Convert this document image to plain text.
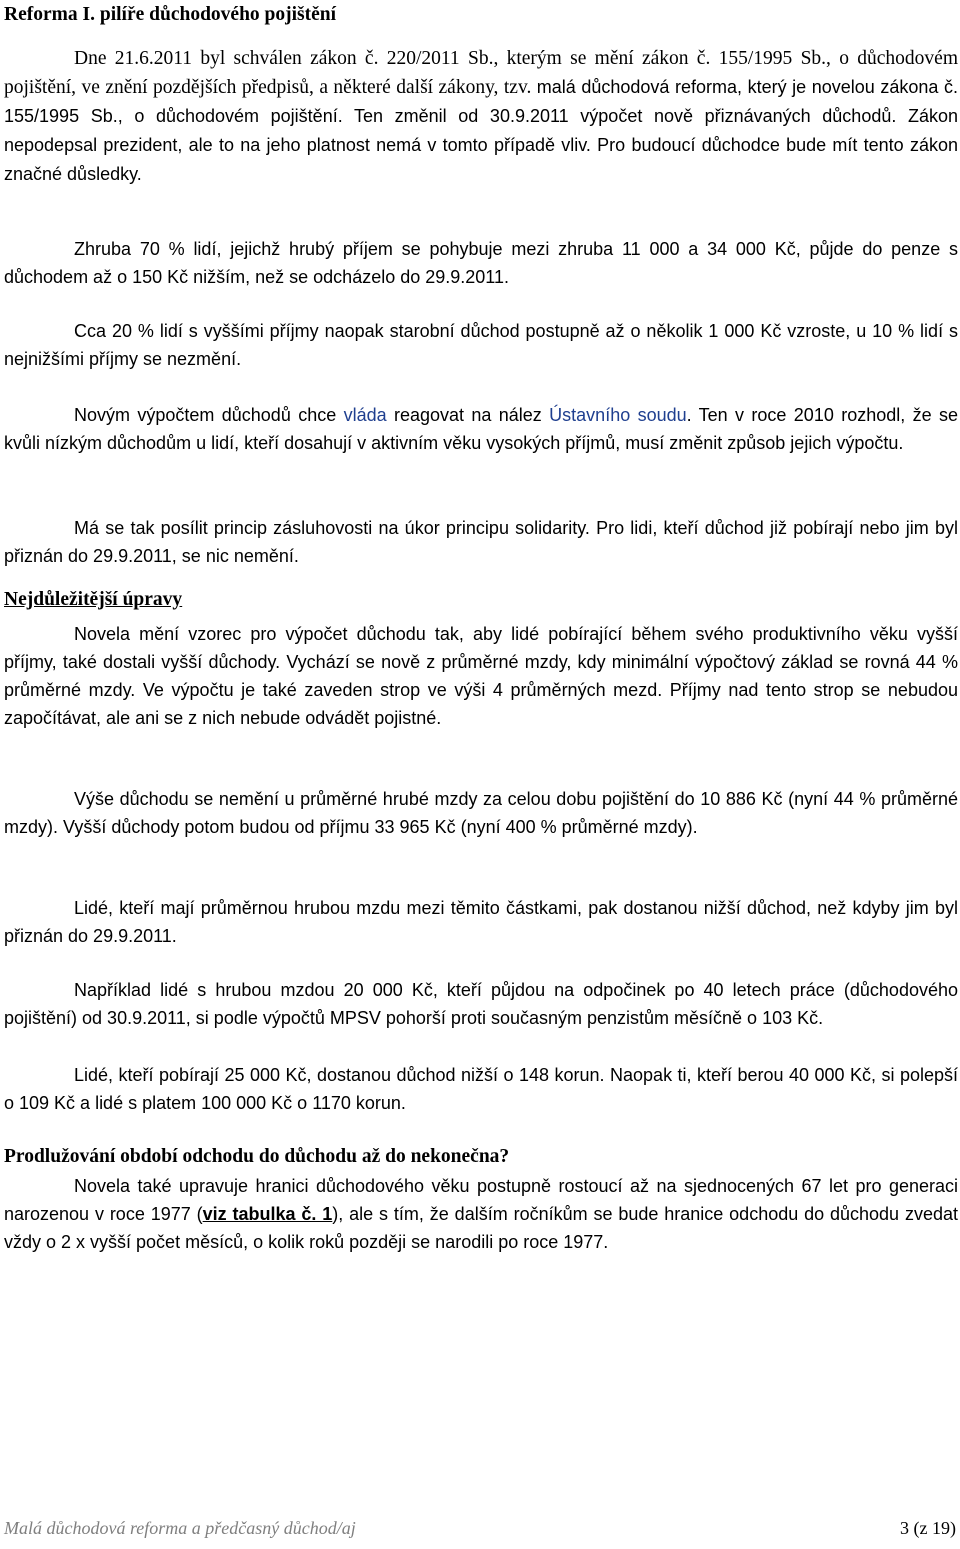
Reforma I. pilíře důchodového pojištění

Dne 21.6.2011 byl schválen zákon č. 220/2011 Sb., kterým se mění zákon č. 155/1995 Sb., o důchodovém pojištění, ve znění pozdějších předpisů, a některé další zákony, tzv. malá důchodová reforma, který je novelou zákona č. 155/1995 Sb., o důchodovém pojištění. Ten změnil od 30.9.2011 výpočet nově přiznávaných důchodů. Zákon nepodepsal prezident, ale to na jeho platnost nemá v tomto případě vliv. Pro budoucí důchodce bude mít tento zákon značné důsledky.

Zhruba 70 % lidí, jejichž hrubý příjem se pohybuje mezi zhruba 11 000 a 34 000 Kč, půjde do penze s důchodem až o 150 Kč nižším, než se odcházelo do 29.9.2011.

Cca 20 % lidí s vyššími příjmy naopak starobní důchod postupně až o několik 1 000 Kč vzroste, u 10 % lidí s nejnižšími příjmy se nezmění.

Novým výpočtem důchodů chce vláda reagovat na nález Ústavního soudu. Ten v roce 2010 rozhodl, že se kvůli nízkým důchodům u lidí, kteří dosahují v aktivním věku vysokých příjmů, musí změnit způsob jejich výpočtu.

Má se tak posílit princip zásluhovosti na úkor principu solidarity. Pro lidi, kteří důchod již pobírají nebo jim byl přiznán do 29.9.2011, se nic nemění.

Nejdůležitější úpravy

Novela mění vzorec pro výpočet důchodu tak, aby lidé pobírající během svého produktivního věku vyšší příjmy, také dostali vyšší důchody. Vychází se nově z průměrné mzdy, kdy minimální výpočtový základ se rovná 44 % průměrné mzdy. Ve výpočtu je také zaveden strop ve výši 4 průměrných mezd. Příjmy nad tento strop se nebudou započítávat, ale ani se z nich nebude odvádět pojistné.

Výše důchodu se nemění u průměrné hrubé mzdy za celou dobu pojištění do 10 886 Kč (nyní 44 % průměrné mzdy). Vyšší důchody potom budou od příjmu 33 965 Kč (nyní 400 % průměrné mzdy).

Lidé, kteří mají průměrnou hrubou mzdu mezi těmito částkami, pak dostanou nižší důchod, než kdyby jim byl přiznán do 29.9.2011.

Například lidé s hrubou mzdou 20 000 Kč, kteří půjdou na odpočinek po 40 letech práce (důchodového pojištění) od 30.9.2011, si podle výpočtů MPSV pohorší proti současným penzistům měsíčně o 103 Kč.

Lidé, kteří pobírají 25 000 Kč, dostanou důchod nižší o 148 korun. Naopak ti, kteří berou 40 000 Kč, si polepší o 109 Kč a lidé s platem 100 000 Kč o 1170 korun.

Prodlužování období odchodu do důchodu až do nekonečna?

Novela také upravuje hranici důchodového věku postupně rostoucí až na sjednocených 67 let pro generaci narozenou v roce 1977 (viz tabulka č. 1), ale s tím, že dalším ročníkům se bude hranice odchodu do důchodu zvedat vždy o 2 x vyšší počet měsíců, o kolik roků později se narodili po roce 1977.

Malá důchodová reforma a předčasný důchod/aj	3 (z 19)
